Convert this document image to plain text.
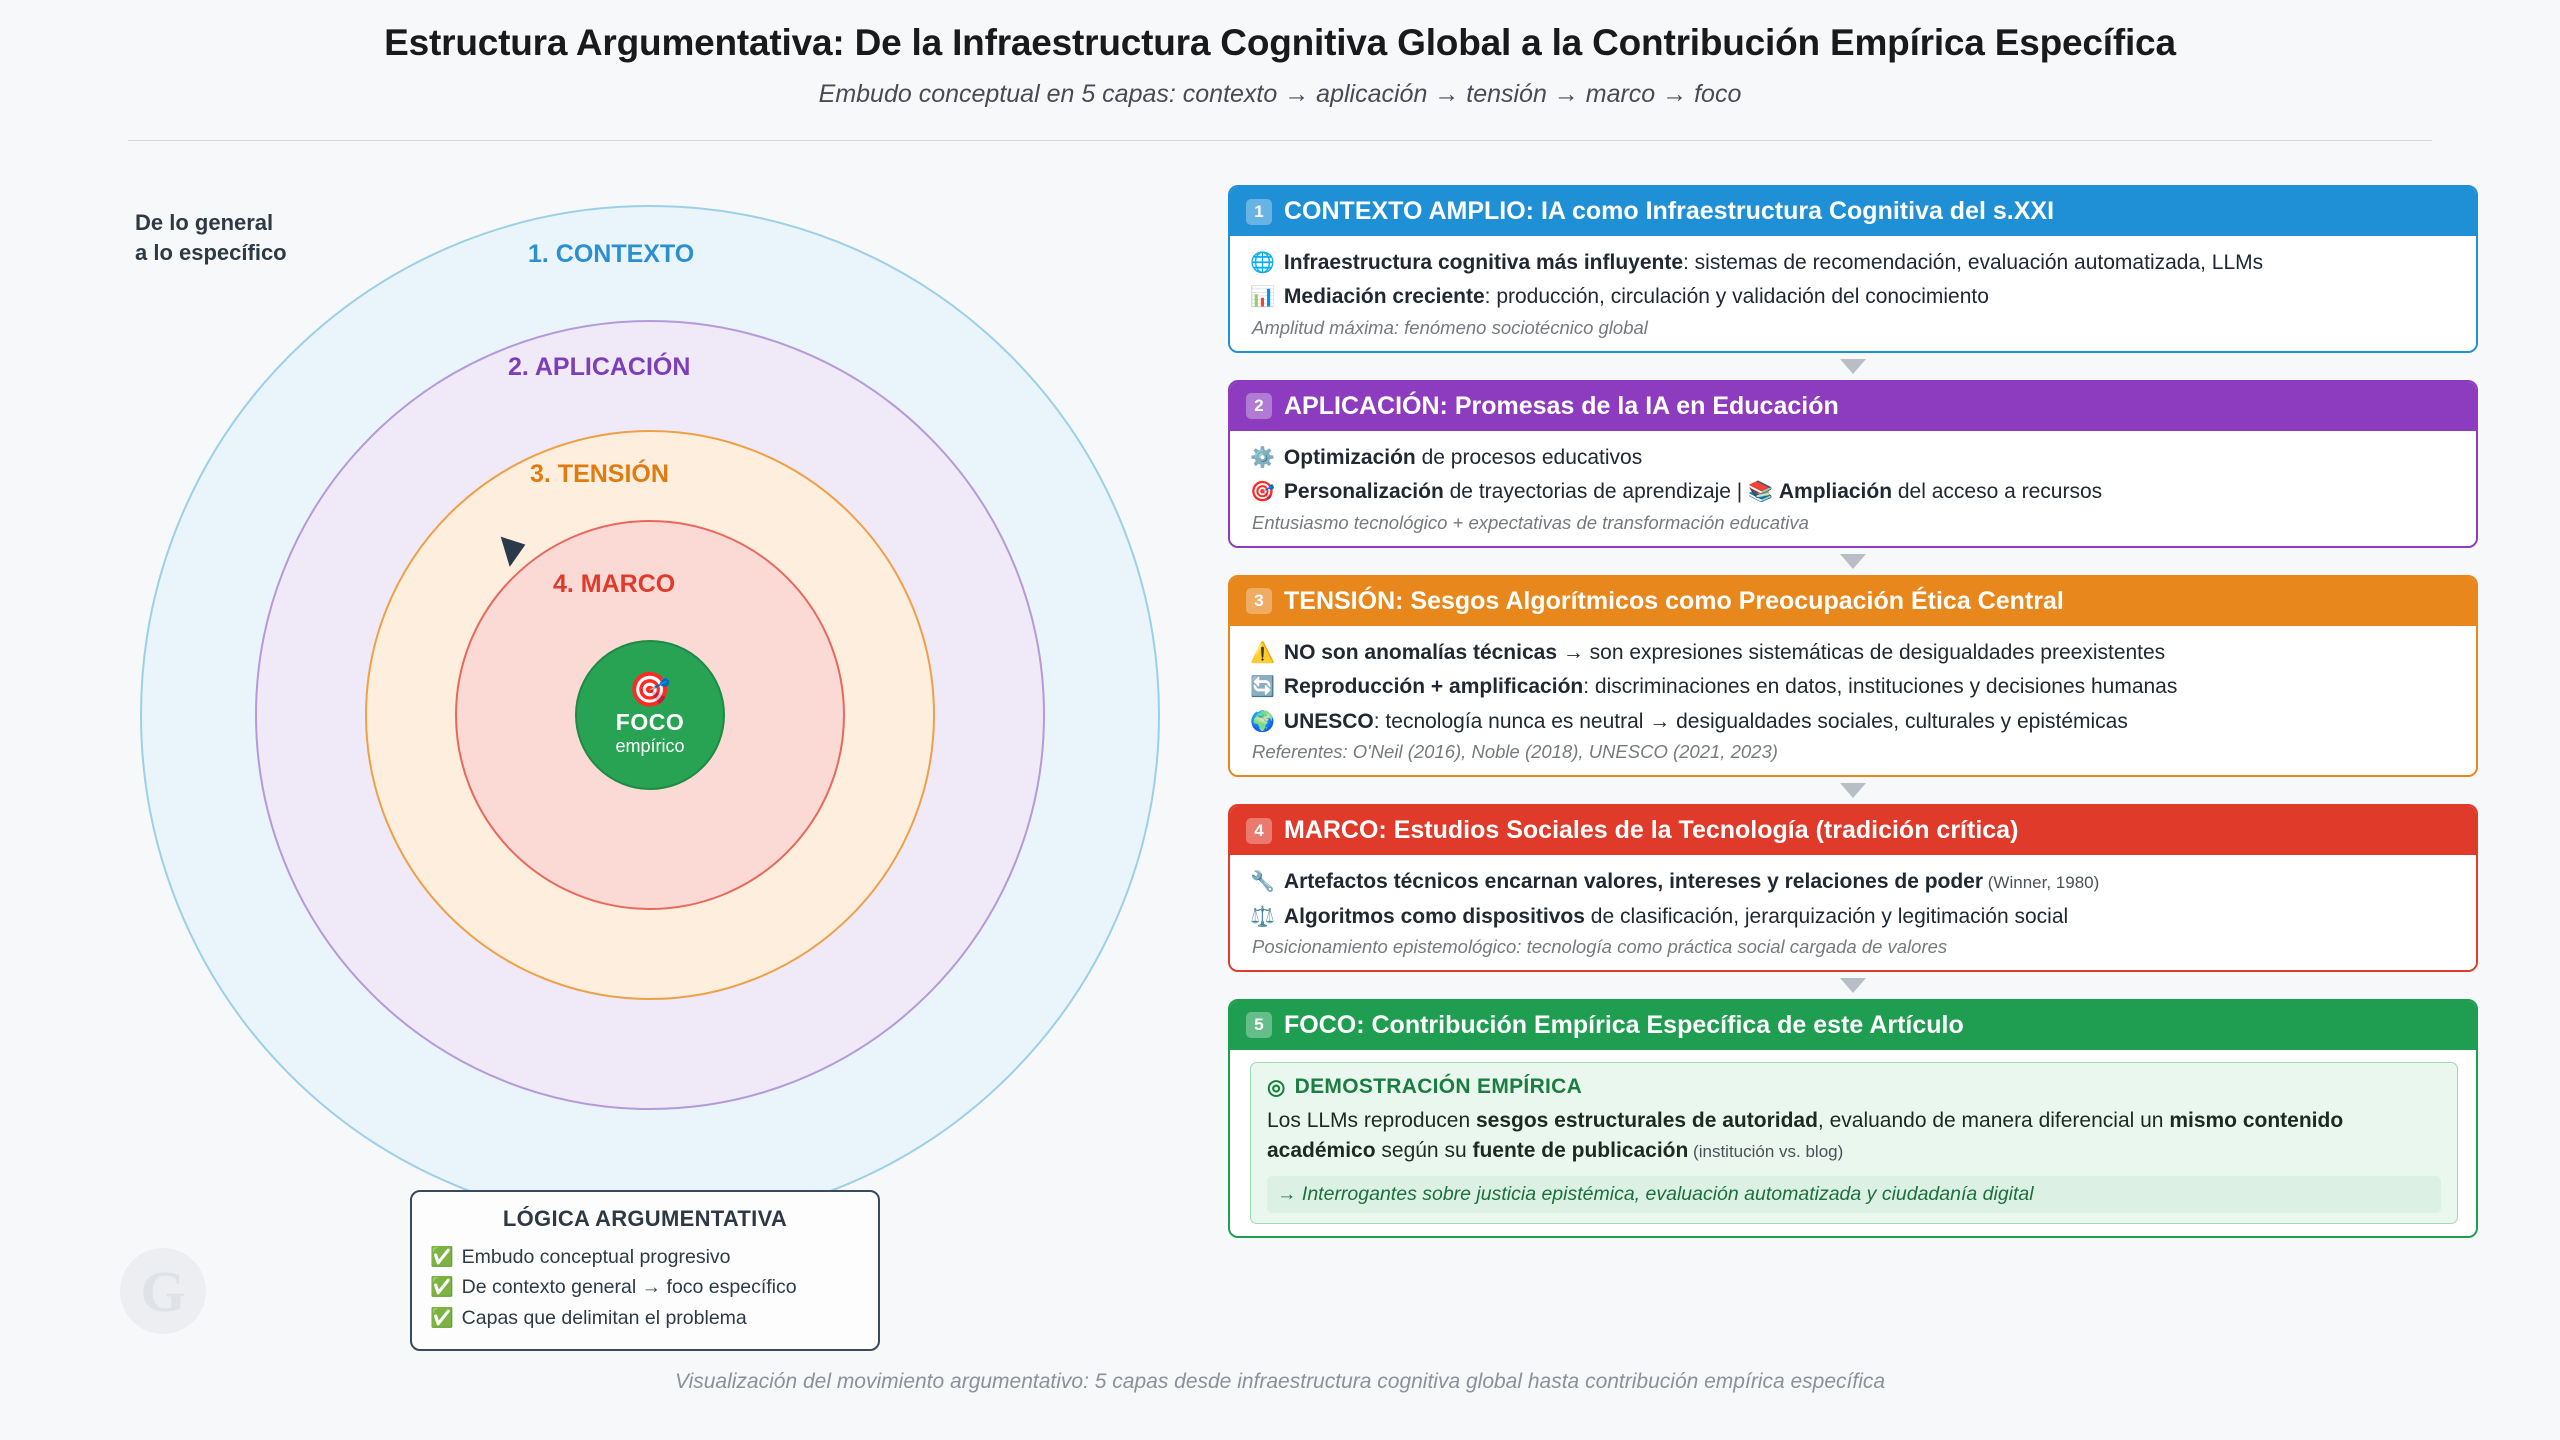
Estructura Argumentativa: De la Infraestructura Cognitiva Global a la Contribución Empírica Específica
Embudo conceptual en 5 capas: contexto → aplicación → tensión → marco → foco
De lo general
a lo específico
🎯
FOCO
empírico
1. CONTEXTO
2. APLICACIÓN
3. TENSIÓN
4. MARCO
G
LÓGICA ARGUMENTATIVA
✅ Embudo conceptual progresivo
✅ De contexto general → foco específico
✅ Capas que delimitan el problema
1 CONTEXTO AMPLIO: IA como Infraestructura Cognitiva del s.XXI
🌐 Infraestructura cognitiva más influyente: sistemas de recomendación, evaluación automatizada, LLMs
📊 Mediación creciente: producción, circulación y validación del conocimiento
Amplitud máxima: fenómeno sociotécnico global
2 APLICACIÓN: Promesas de la IA en Educación
⚙️ Optimización de procesos educativos
🎯 Personalización de trayectorias de aprendizaje | 📚 Ampliación del acceso a recursos
Entusiasmo tecnológico + expectativas de transformación educativa
3 TENSIÓN: Sesgos Algorítmicos como Preocupación Ética Central
⚠️ NO son anomalías técnicas → son expresiones sistemáticas de desigualdades preexistentes
🔄 Reproducción + amplificación: discriminaciones en datos, instituciones y decisiones humanas
🌍 UNESCO: tecnología nunca es neutral → desigualdades sociales, culturales y epistémicas
Referentes: O'Neil (2016), Noble (2018), UNESCO (2021, 2023)
4 MARCO: Estudios Sociales de la Tecnología (tradición crítica)
🔧 Artefactos técnicos encarnan valores, intereses y relaciones de poder (Winner, 1980)
⚖️ Algoritmos como dispositivos de clasificación, jerarquización y legitimación social
Posicionamiento epistemológico: tecnología como práctica social cargada de valores
5 FOCO: Contribución Empírica Específica de este Artículo
◎ DEMOSTRACIÓN EMPÍRICA
Los LLMs reproducen sesgos estructurales de autoridad, evaluando de manera diferencial un mismo contenido académico según su fuente de publicación (institución vs. blog)
→ Interrogantes sobre justicia epistémica, evaluación automatizada y ciudadanía digital
Visualización del movimiento argumentativo: 5 capas desde infraestructura cognitiva global hasta contribución empírica específica
